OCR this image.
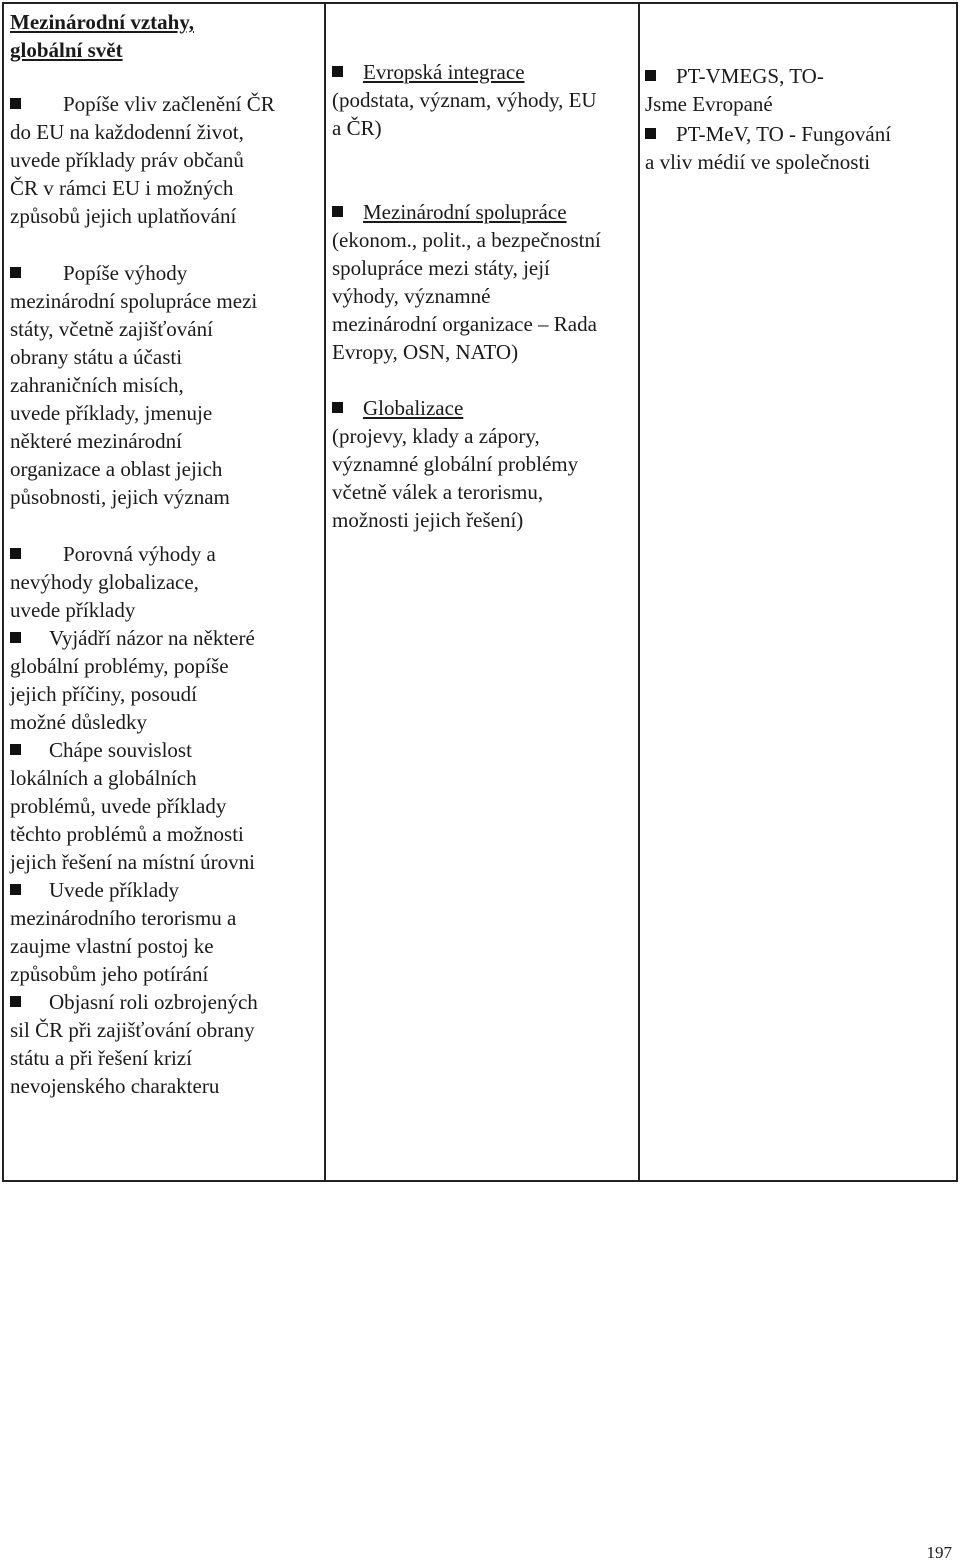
Mezinárodní vztahy,
globální svět
Popíše vliv začlenění ČR
do EU na každodenní život,
uvede příklady práv občanů
ČR v rámci EU i možných
způsobů jejich uplatňování
Popíše výhody
mezinárodní spolupráce mezi
státy, včetně zajišťování
obrany státu a účasti
zahraničních misích,
uvede příklady, jmenuje
některé mezinárodní
organizace a oblast jejich
působnosti, jejich význam
Porovná výhody a
nevýhody globalizace,
uvede příklady
Vyjádří názor na některé
globální problémy, popíše
jejich příčiny, posoudí
možné důsledky
Chápe souvislost
lokálních a globálních
problémů, uvede příklady
těchto problémů a možnosti
jejich řešení na místní úrovni
Uvede příklady
mezinárodního terorismu a
zaujme vlastní postoj ke
způsobům jeho potírání
Objasní roli ozbrojených
sil ČR při zajišťování obrany
státu a při řešení krizí
nevojenského charakteru
Evropská integrace
(podstata, význam, výhody, EU
a ČR)
Mezinárodní spolupráce
(ekonom., polit., a bezpečnostní
spolupráce mezi státy, její
výhody, významné
mezinárodní organizace – Rada
Evropy, OSN, NATO)
Globalizace
(projevy, klady a zápory,
významné globální problémy
včetně válek a terorismu,
možnosti jejich řešení)
PT-VMEGS, TO-
Jsme Evropané
PT-MeV, TO - Fungování
a vliv médií ve společnosti
197
